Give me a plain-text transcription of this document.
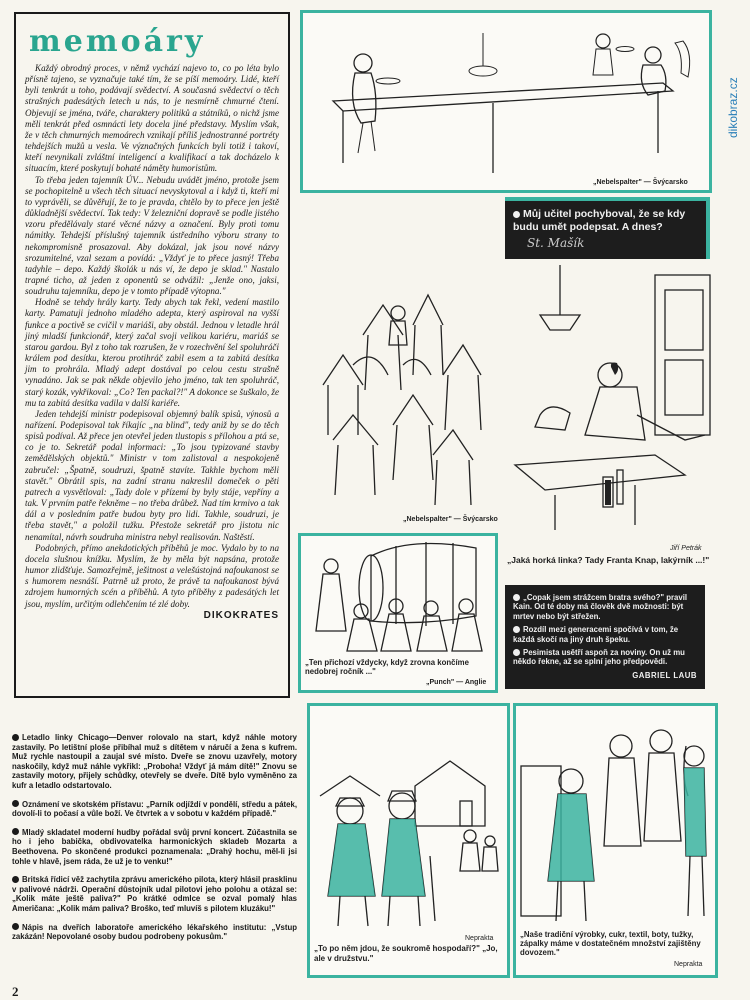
dikobraz.cz
memoáry

Každý obrodný proces, v němž vychází najevo to, co po léta bylo přísně tajeno, se vyznačuje také tím, že se píší memoáry. Lidé, kteří byli tenkrát u toho, podávají svědectví. A současná svědectví o těch strašných padesátých letech u nás, to je nesmírně chmurné čtení. Objevují se jména, tváře, charaktery politiků a státníků, o nichž jsme měli tenkrát před osmnácti lety docela jiné představy. Myslím však, že v těch chmurných memoárech vznikají příliš jednostranné portréty tehdejších mužů u vesla. Ve význačných funkcích byli totiž i takoví, kteří nevynikali zvláštní inteligencí a kvalifikací a tak docházelo k situacím, které poskytují bohaté náměty humoristům.

To třeba jeden tajemník ÚV... Nebudu uvádět jméno, protože jsem se pochopitelně u všech těch situací nevyskytoval a i když ti, kteří mi to vyprávěli, se důvěřují, že to je pravda, chtělo by to přece jen ještě důkladnější svědectví. Tak tedy: V železniční dopravě se podle jistého vzoru předělávaly staré věcné názvy a označení. Byly proti tomu námitky. Tehdejší příslušný tajemník ústředního výboru strany to nekompromisně prosazoval. Aby dokázal, jak jsou nové názvy srozumitelné, vzal sezam a povídá: „Vždyť je to přece jasný! Třeba tadyhle – depo. Každý školák u nás ví, že depo je sklad." Nastalo trapné ticho, až jeden z oponentů se odvážil: „Jenže ono, jaksi, soudruhu tajemníku, depo je v tomto případě výtopna."

Hodně se tehdy hrály karty. Tedy abych tak řekl, vedení mastilo karty. Pamatuji jednoho mladého adepta, který aspiroval na vyšší funkce a poctivě se cvičil v mariáši, aby obstál. Jednou v letadle hrál jiný mladší funkcionář, který začal svoji velikou kariéru, mariáš se starou gardou. Byl z toho tak rozrušen, že v rozechvění šel spoluhráči králem pod desítku, kterou protihráč zabil esem a ta zabitá desítka jim to prohrála. Mladý adept dostával po celou cestu strašně vynadáno. Jak se pak někde objevilo jeho jméno, tak ten spoluhráč, starý kozák, vykřikoval: „Co? Ten packal?!" A dokonce se šuškalo, že mu ta zabitá desítka vadila v další kariéře.

Jeden tehdejší ministr podepisoval objemný balík spisů, výnosů a nařízení. Podepisoval tak říkajíc „na blind", tedy aniž by se do těch spisů podíval. Až přece jen otevřel jeden tlustopis s přílohou a ptá se, co je to. Sekretář podal informaci: „To jsou typizované stavby zemědělských objektů." Ministr v tom zalistoval a nespokojeně zabručel: „Špatně, soudruzi, špatně stavíte. Takhle bychom měli stavět." Obrátil spis, na zadní stranu nakreslil domeček o pěti patrech a vysvětloval: „Tady dole v přízemí by byly stáje, vepříny a tak. V prvním patře řekněme – no třeba drůbež. Nad tím krmivo a tak dál a v posledním patře budou byty pro lidi. Takhle, soudruzi, je třeba stavět," a položil tužku. Přestože sekretář pro jistotu nic nenamítal, návrh soudruha ministra nebyl realisován. Naštěstí.

Podobných, přímo anekdotických příběhů je moc. Vydalo by to na docela slušnou knížku. Myslím, že by měla být napsána, protože humor zlidšťuje. Samozřejmě, ješitnost a velešústojná nafoukanost se s humorem nesnáší. Patrně už proto, že právě ta nafoukanost bývá zdrojem humorných scén a příběhů. A tyto příběhy z padesátých let jsou, myslím, určitým odlehčením té zlé doby.

DIKOKRATES
„Nebelspalter" — Švýcarsko
Můj učitel pochyboval, že se kdy budu umět podepsat. A dnes?
St. Mašík
„Nebelspalter" — Švýcarsko
Jiří Petrák
„Jaká horká linka? Tady Franta Knap, lakýrník ...!"
„Ten přichozí vždycky, když zrovna končíme nedobrej ročník ..."
„Punch" — Anglie
„Copak jsem strážcem bratra svého?" pravil Kain. Od té doby má člověk dvě možnosti: být mrtev nebo být střežen.
Rozdíl mezi generacemi spočívá v tom, že každá skočí na jiný druh špeku.
Pesimista usětří aspoň za noviny. On už mu někdo řekne, až se splní jeho předpovědi.
GABRIEL LAUB
Letadlo linky Chicago—Denver rolovalo na start, když náhle motory zastavily. Po letištní ploše přibíhal muž s dítětem v náručí a žena s kufrem. Muž rychle nastoupil a zaujal své místo. Dveře se znovu uzavřely, motory naskočily, když muž náhle vykřikl: „Proboha! Vždyť já mám dítě!" Znovu se zastavily motory, přijely schůdky, otevřely se dveře. Dítě bylo vyměněno za kufr a letadlo odstartovalo.
Oznámení ve skotském přístavu: „Parník odjíždí v pondělí, středu a pátek, dovolí-li to počasí a vůle boží. Ve čtvrtek a v sobotu v každém případě."
Mladý skladatel moderní hudby pořádal svůj první koncert. Zúčastnila se ho i jeho babička, obdivovatelka harmonických skladeb Mozarta a Beethovena. Po skončené produkci poznamenala: „Drahý hochu, měl-li jsi tohle v hlavě, jsem ráda, že už je to venku!"
Britská řídicí věž zachytila zprávu amerického pilota, který hlásil prasklinu v palivové nádrži. Operační důstojník udal pilotovi jeho polohu a otázal se: „Kolik máte ještě paliva?" Po krátké odmlce se ozval pomalý hlas Američana: „Kolik mám paliva? Broško, teď mluvíš s pilotem kluzáku!"
Nápis na dveřích laboratoře amerického lékařského institutu: „Vstup zakázán! Nepovolané osoby budou podrobeny pokusům."	Neprakta
„To po něm jdou, že soukromě hospodaří?" „Jo, ale v družstvu."
„Naše tradiční výrobky, cukr, textil, boty, tužky, zápalky máme v dostatečném množství zajištěny dovozem."
Neprakta
2
